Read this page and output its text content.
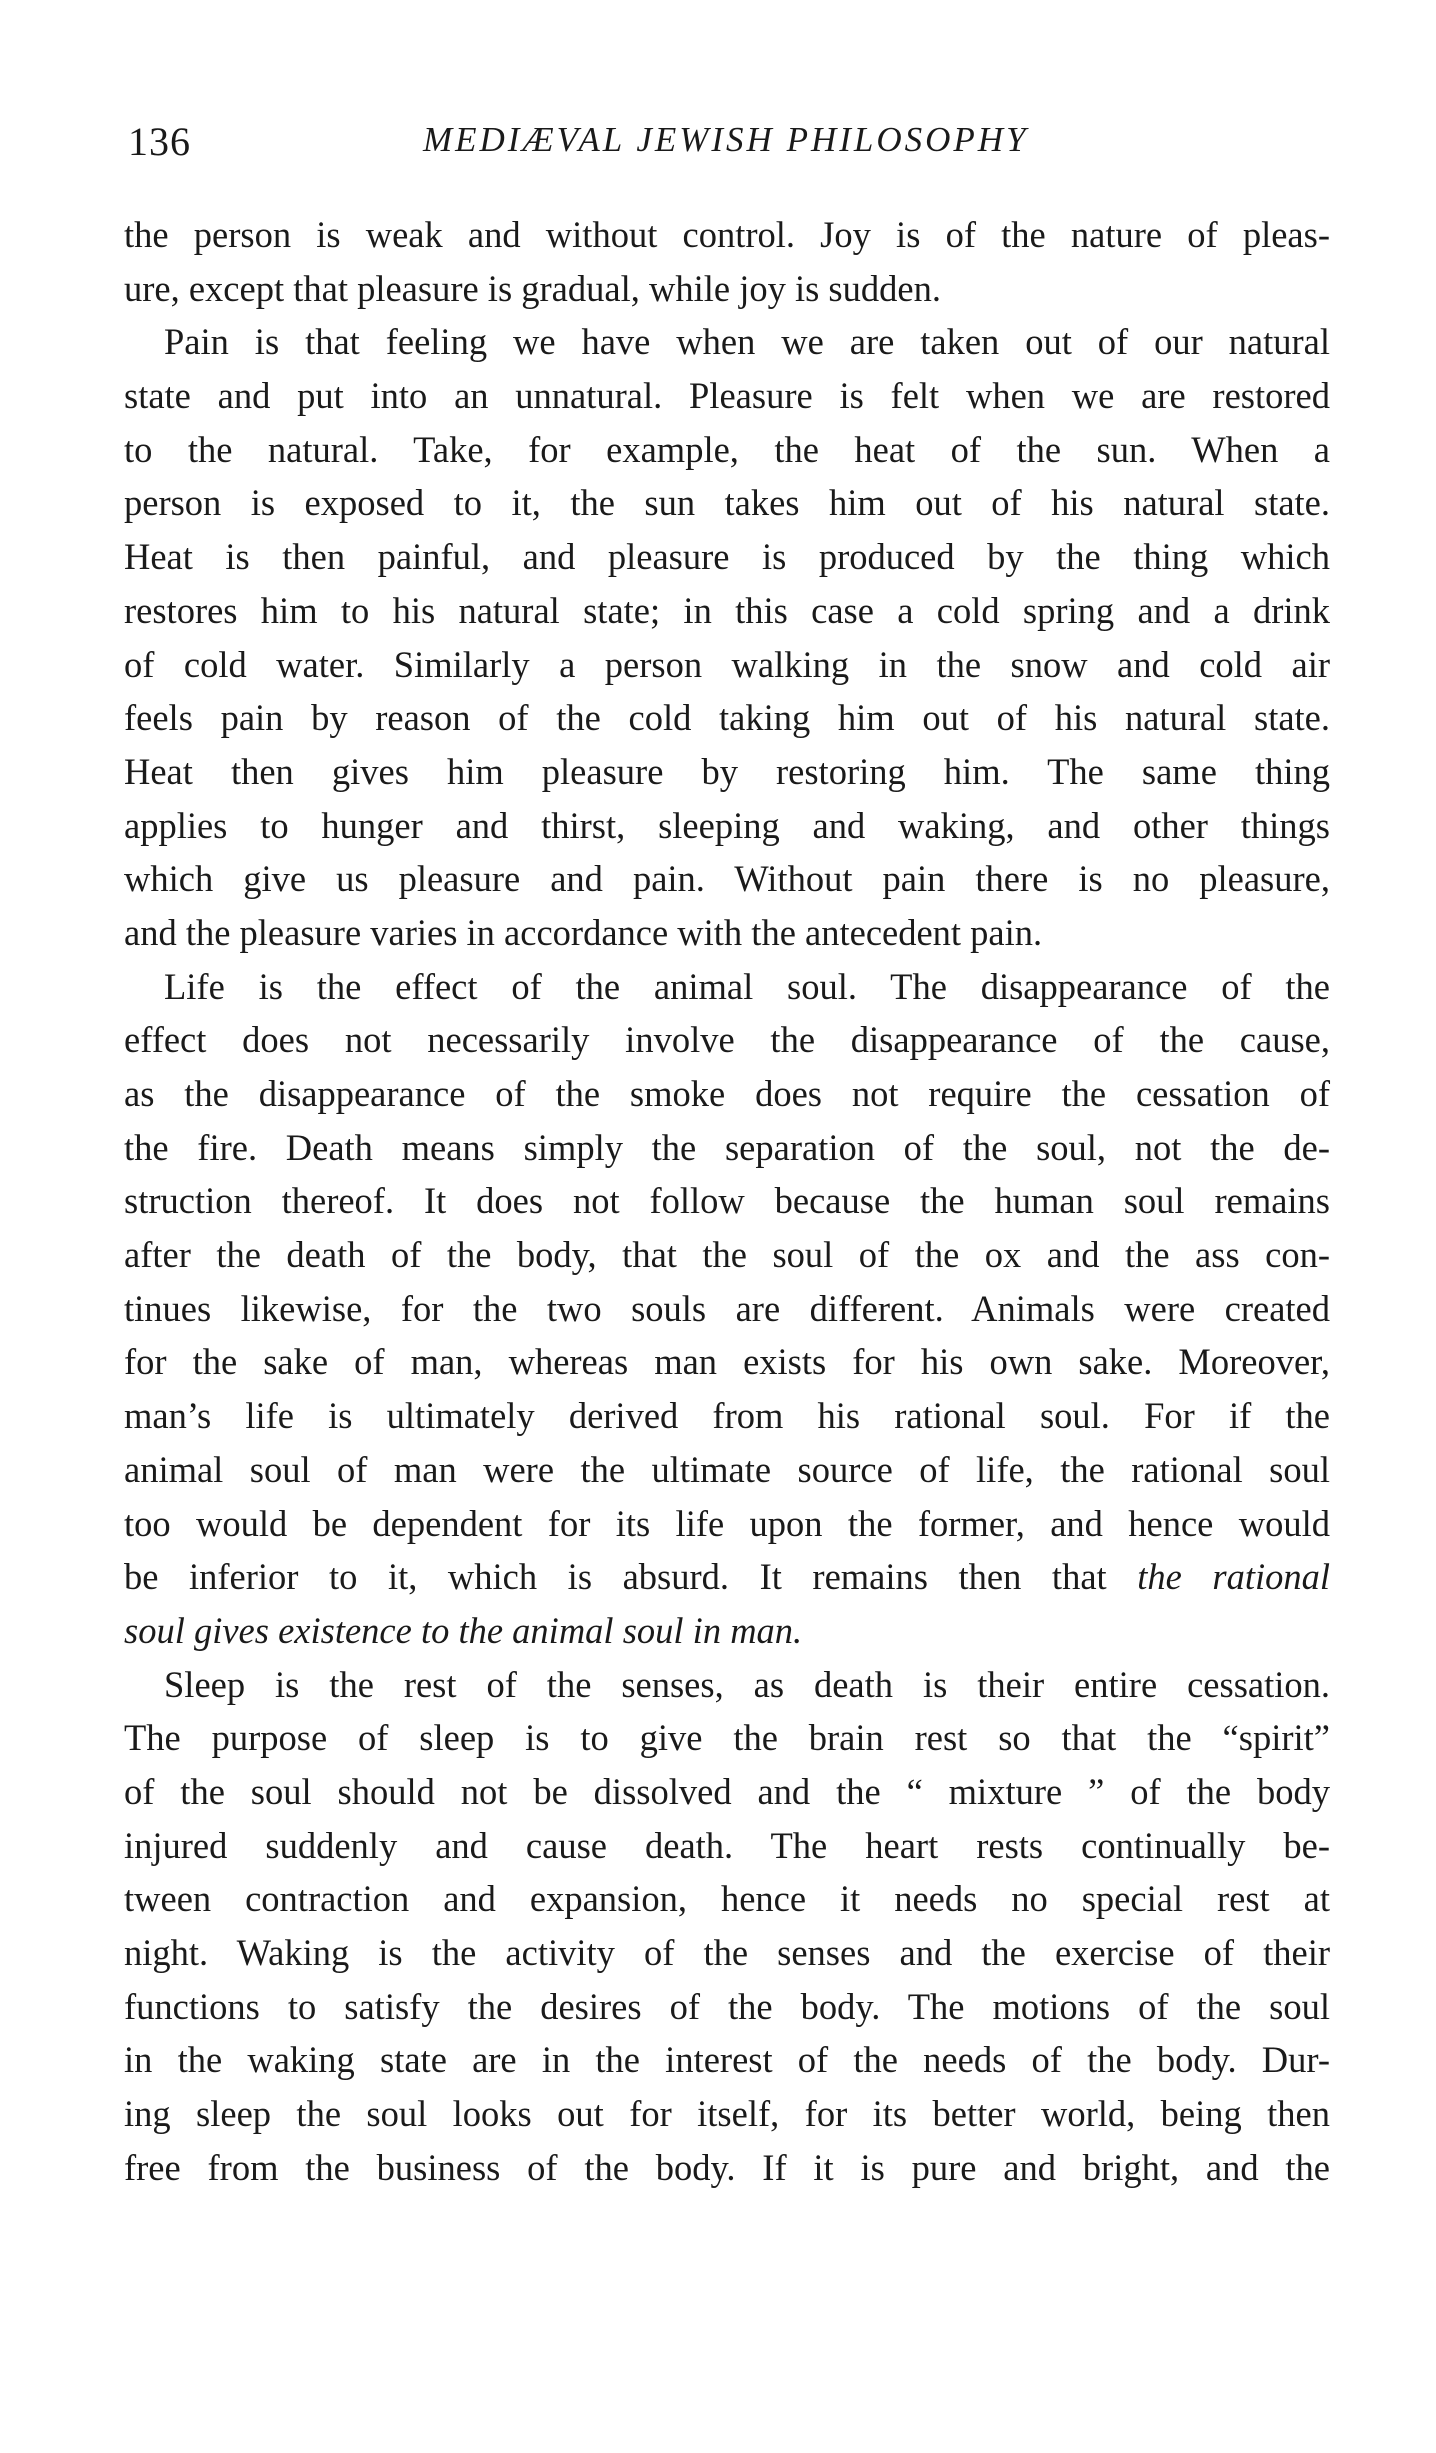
136	MEDIÆVAL JEWISH PHILOSOPHY
the person is weak and without control. Joy is of the nature of pleas-
ure, except that pleasure is gradual, while joy is sudden.
Pain is that feeling we have when we are taken out of our natural
state and put into an unnatural. Pleasure is felt when we are restored
to the natural. Take, for example, the heat of the sun. When a
person is exposed to it, the sun takes him out of his natural state.
Heat is then painful, and pleasure is produced by the thing which
restores him to his natural state; in this case a cold spring and a drink
of cold water. Similarly a person walking in the snow and cold air
feels pain by reason of the cold taking him out of his natural state.
Heat then gives him pleasure by restoring him. The same thing
applies to hunger and thirst, sleeping and waking, and other things
which give us pleasure and pain. Without pain there is no pleasure,
and the pleasure varies in accordance with the antecedent pain.
Life is the effect of the animal soul. The disappearance of the
effect does not necessarily involve the disappearance of the cause,
as the disappearance of the smoke does not require the cessation of
the fire. Death means simply the separation of the soul, not the de-
struction thereof. It does not follow because the human soul remains
after the death of the body, that the soul of the ox and the ass con-
tinues likewise, for the two souls are different. Animals were created
for the sake of man, whereas man exists for his own sake. Moreover,
man’s life is ultimately derived from his rational soul. For if the
animal soul of man were the ultimate source of life, the rational soul
too would be dependent for its life upon the former, and hence would
be inferior to it, which is absurd. It remains then that the rational
soul gives existence to the animal soul in man.
Sleep is the rest of the senses, as death is their entire cessation.
The purpose of sleep is to give the brain rest so that the “spirit”
of the soul should not be dissolved and the “ mixture ” of the body
injured suddenly and cause death. The heart rests continually be-
tween contraction and expansion, hence it needs no special rest at
night. Waking is the activity of the senses and the exercise of their
functions to satisfy the desires of the body. The motions of the soul
in the waking state are in the interest of the needs of the body. Dur-
ing sleep the soul looks out for itself, for its better world, being then
free from the business of the body. If it is pure and bright, and the
